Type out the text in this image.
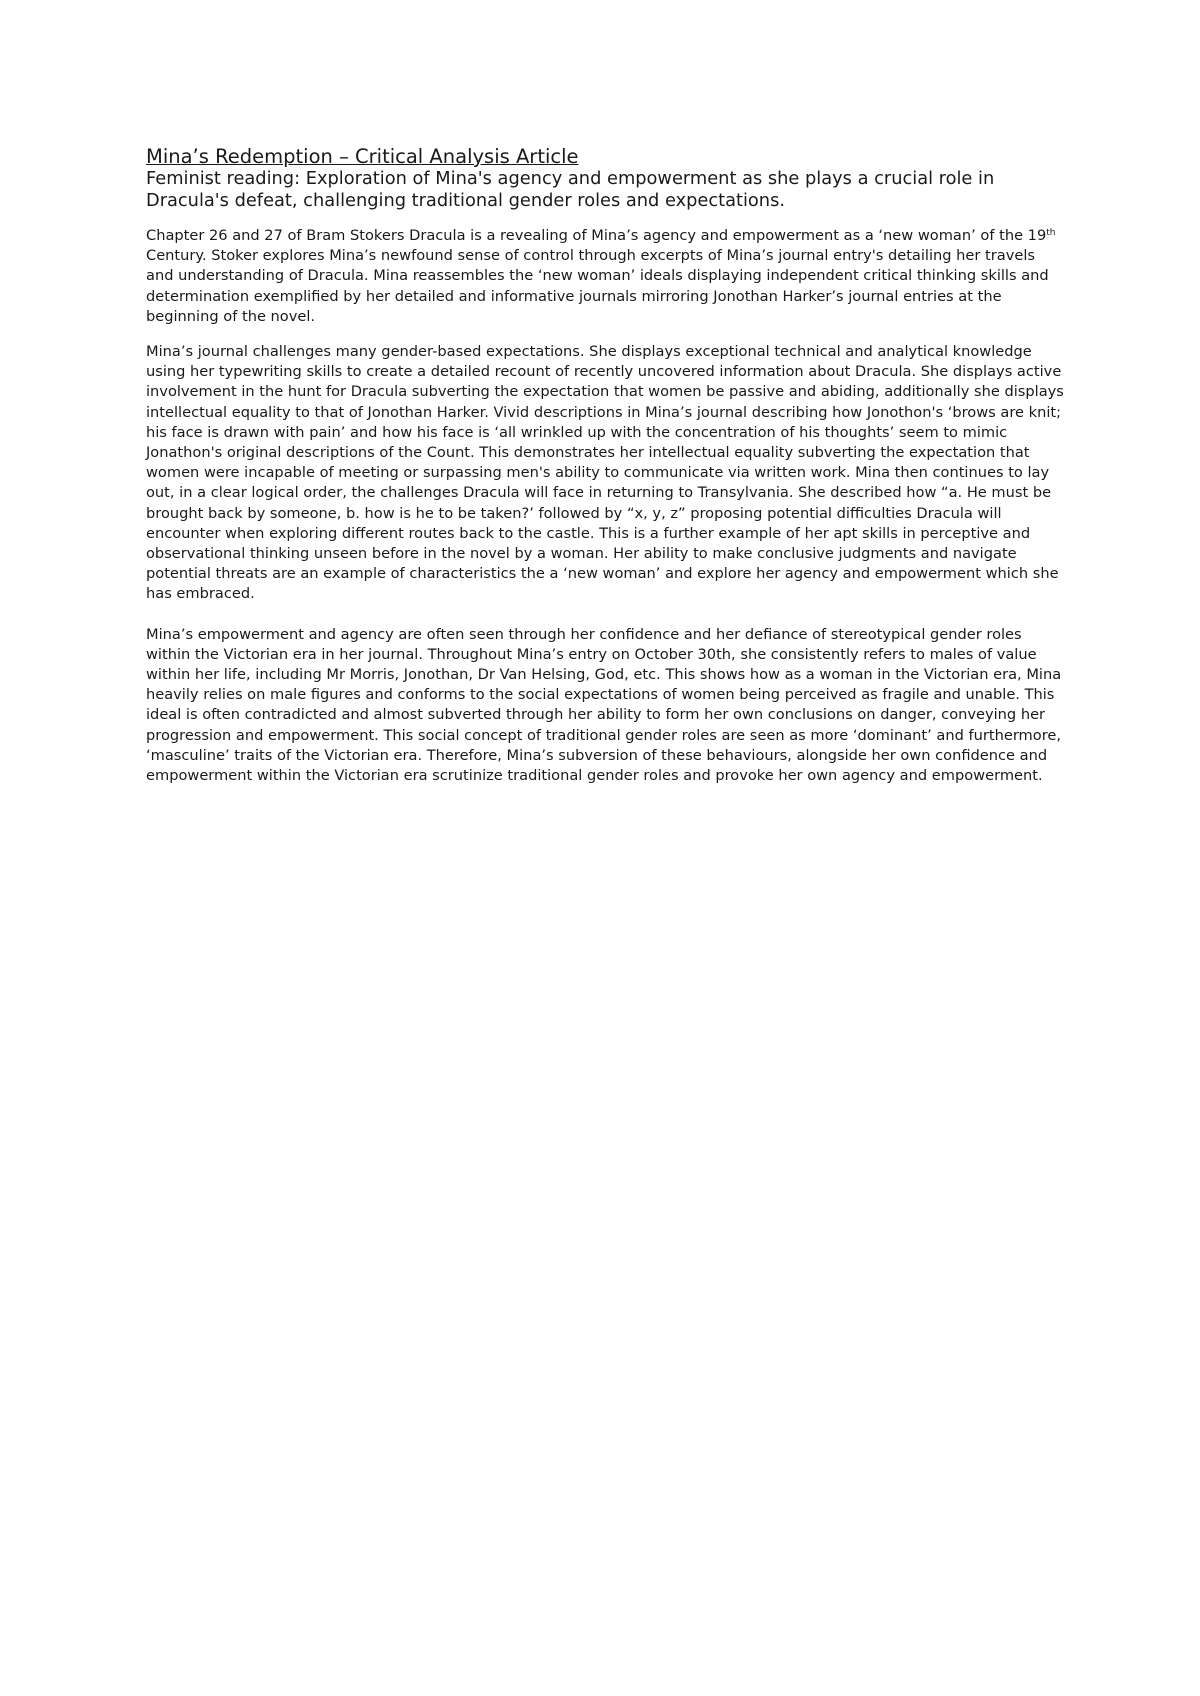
Mina’s Redemption – Critical Analysis Article

Feminist reading: Exploration of Mina's agency and empowerment as she plays a crucial role in Dracula's defeat, challenging traditional gender roles and expectations.

Chapter 26 and 27 of Bram Stokers Dracula is a revealing of Mina’s agency and empowerment as a ‘new woman’ of the 19th Century. Stoker explores Mina’s newfound sense of control through excerpts of Mina’s journal entry's detailing her travels and understanding of Dracula. Mina reassembles the ‘new woman’ ideals displaying independent critical thinking skills and determination exemplified by her detailed and informative journals mirroring Jonothan Harker’s journal entries at the beginning of the novel.

Mina’s journal challenges many gender-based expectations. She displays exceptional technical and analytical knowledge using her typewriting skills to create a detailed recount of recently uncovered information about Dracula. She displays active involvement in the hunt for Dracula subverting the expectation that women be passive and abiding, additionally she displays intellectual equality to that of Jonothan Harker. Vivid descriptions in Mina’s journal describing how Jonothon's ‘brows are knit; his face is drawn with pain’ and how his face is ‘all wrinkled up with the concentration of his thoughts’ seem to mimic Jonathon's original descriptions of the Count. This demonstrates her intellectual equality subverting the expectation that women were incapable of meeting or surpassing men's ability to communicate via written work. Mina then continues to lay out, in a clear logical order, the challenges Dracula will face in returning to Transylvania. She described how “a. He must be brought back by someone, b. how is he to be taken?’ followed by “x, y, z” proposing potential difficulties Dracula will encounter when exploring different routes back to the castle. This is a further example of her apt skills in perceptive and observational thinking unseen before in the novel by a woman. Her ability to make conclusive judgments and navigate potential threats are an example of characteristics the a ‘new woman’ and explore her agency and empowerment which she has embraced.

Mina’s empowerment and agency are often seen through her confidence and her defiance of stereotypical gender roles within the Victorian era in her journal. Throughout Mina’s entry on October 30th, she consistently refers to males of value within her life, including Mr Morris, Jonothan, Dr Van Helsing, God, etc. This shows how as a woman in the Victorian era, Mina heavily relies on male figures and conforms to the social expectations of women being perceived as fragile and unable. This ideal is often contradicted and almost subverted through her ability to form her own conclusions on danger, conveying her progression and empowerment. This social concept of traditional gender roles are seen as more ‘dominant’ and furthermore, ‘masculine’ traits of the Victorian era. Therefore, Mina’s subversion of these behaviours, alongside her own confidence and empowerment within the Victorian era scrutinize traditional gender roles and provoke her own agency and empowerment.
